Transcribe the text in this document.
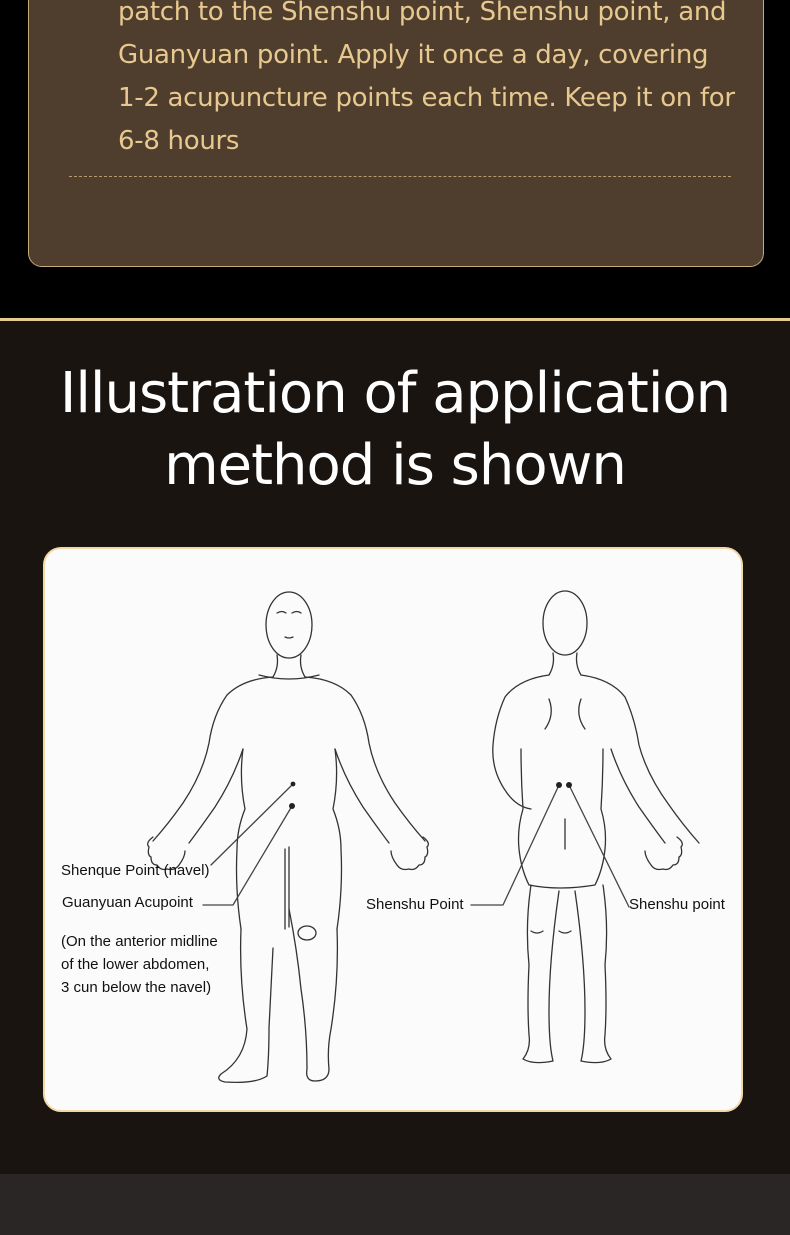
patch to the Shenshu point, Shenshu point, and
Guanyuan point. Apply it once a day, covering
1-2 acupuncture points each time. Keep it on for
6-8 hours
Illustration of application
method is shown
Shenque Point (navel)
Guanyuan Acupoint
(On the anterior midline
of the lower abdomen,
3 cun below the navel)
Shenshu Point	Shenshu point
